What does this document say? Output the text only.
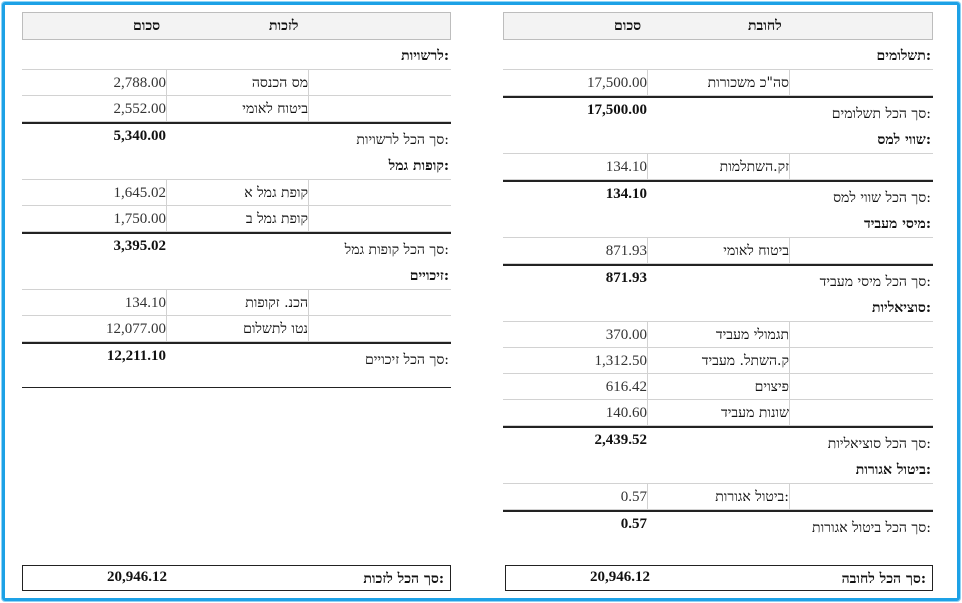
סכום	לחובת
תשלומים:
17,500.00	סה"כ משכורות
17,500.00	סך הכל תשלומים:
שווי למס:
134.10	זק.השתלמות
134.10	סך הכל שווי למס:
מיסי מעביד:
871.93	ביטוח לאומי
871.93	סך הכל מיסי מעביד:
סוציאליות:
370.00	תגמולי מעביד
1,312.50	ק.השתל. מעביד
616.42	פיצוים
140.60	שונות מעביד
2,439.52	סך הכל סוציאליות:
ביטול אגורות:
0.57	ביטול אגורות:
0.57	סך הכל ביטול אגורות:
סכום	לזכות
לרשויות:
2,788.00	מס הכנסה
2,552.00	ביטוח לאומי
5,340.00	סך הכל לרשויות:
קופות גמל:
1,645.02	קופת גמל א
1,750.00	קופת גמל ב
3,395.02	סך הכל קופות גמל:
זיכויים:
134.10	הכנ. זקופות
12,077.00	נטו לתשלום
12,211.10	סך הכל זיכויים:
20,946.12	סך הכל לחובה:
20,946.12	סך הכל לזכות:
